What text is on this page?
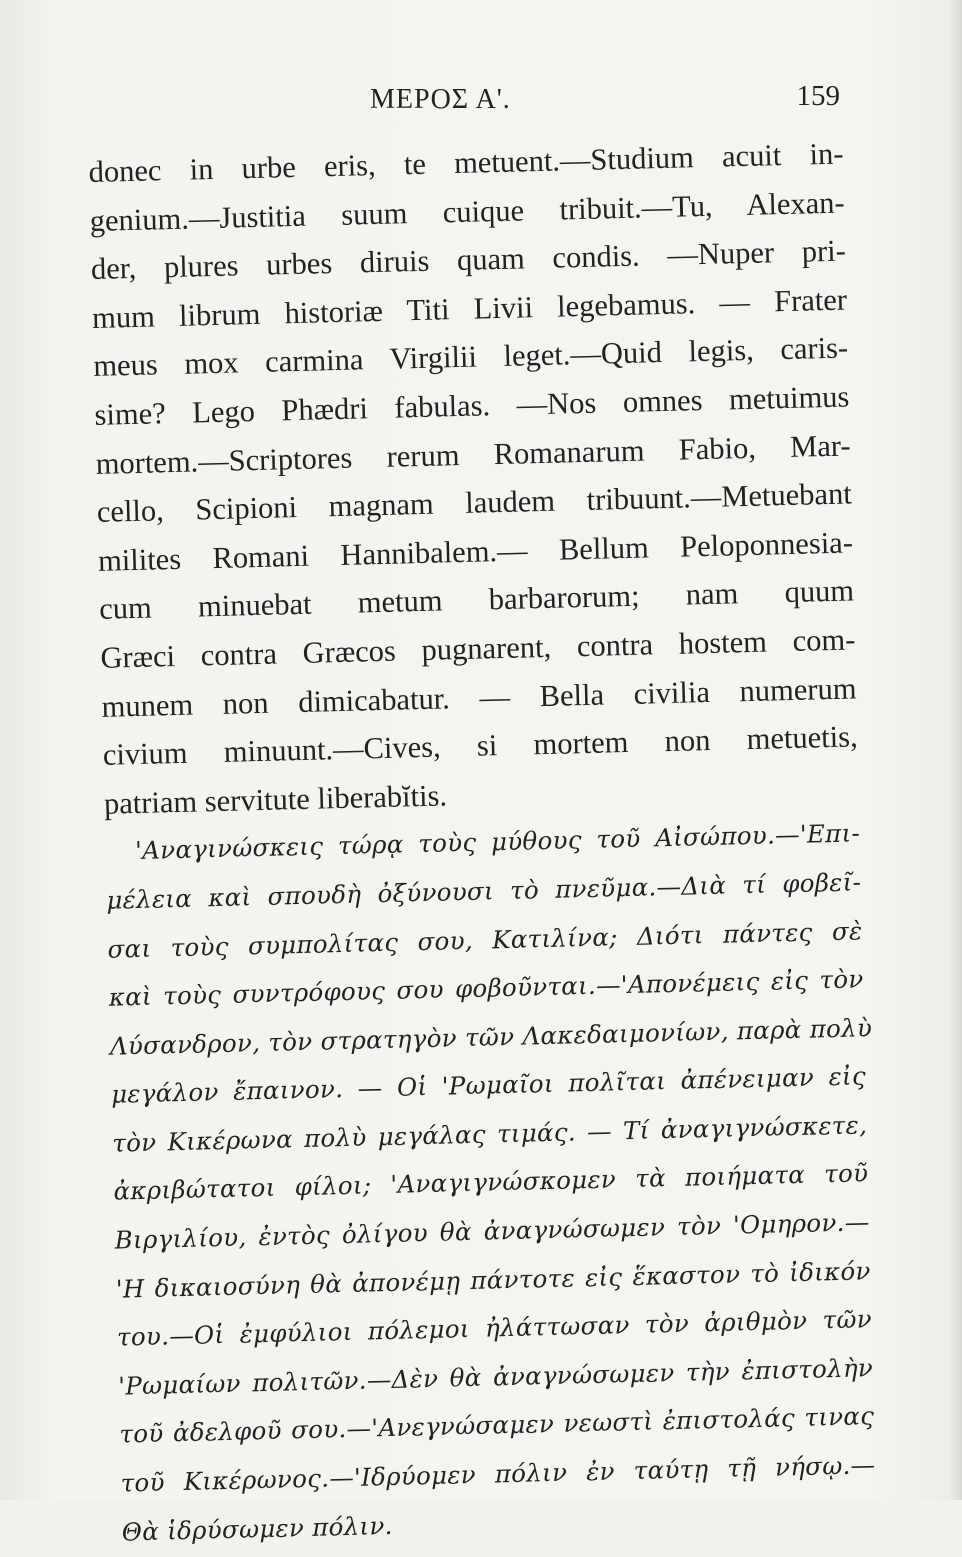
ΜΕΡΟΣ Α'.	159
donec in urbe eris, te metuent.—Studium acuit in-
genium.—Justitia suum cuique tribuit.—Tu, Alexan-
der, plures urbes diruis quam condis. —Nuper pri-
mum librum historiæ Titi Livii legebamus. — Frater
meus mox carmina Virgilii leget.—Quid legis, caris-
sime? Lego Phædri fabulas. —Nos omnes metuimus
mortem.—Scriptores rerum Romanarum Fabio, Mar-
cello, Scipioni magnam laudem tribuunt.—Metuebant
milites Romani Hannibalem.— Bellum Peloponnesia-
cum minuebat metum barbarorum; nam quum
Græci contra Græcos pugnarent, contra hostem com-
munem non dimicabatur. — Bella civilia numerum
civium minuunt.—Cives, si mortem non metuetis,
patriam servitute liberabĭtis.
'Αναγινώσκεις τώρᾳ τοὺς μύθους τοῦ Αἰσώπου.—'Επι-
μέλεια καὶ σπουδὴ ὀξύνουσι τὸ πνεῦμα.—Διὰ τί φοβεῖ-
σαι τοὺς συμπολίτας σου, Κατιλίνα; Διότι πάντες σὲ
καὶ τοὺς συντρόφους σου φοβοῦνται.—'Απονέμεις εἰς τὸν
Λύσανδρον, τὸν στρατηγὸν τῶν Λακεδαιμονίων, παρὰ πολὺ
μεγάλον ἔπαινον. — Οἱ 'Ρωμαῖοι πολῖται ἀπένειμαν εἰς
τὸν Κικέρωνα πολὺ μεγάλας τιμάς. — Τί ἀναγιγνώσκετε,
ἀκριβώτατοι φίλοι; 'Αναγιγνώσκομεν τὰ ποιήματα τοῦ
Βιργιλίου, ἐντὸς ὀλίγου θὰ ἀναγνώσωμεν τὸν 'Ομηρον.—
'Η δικαιοσύνη θὰ ἀπονέμῃ πάντοτε εἰς ἕκαστον τὸ ἰδικόν
του.—Οἱ ἐμφύλιοι πόλεμοι ἠλάττωσαν τὸν ἀριθμὸν τῶν
'Ρωμαίων πολιτῶν.—Δὲν θὰ ἀναγνώσωμεν τὴν ἐπιστολὴν
τοῦ ἀδελφοῦ σου.—'Ανεγνώσαμεν νεωστὶ ἐπιστολάς τινας
τοῦ Κικέρωνος.—'Ιδρύομεν πόλιν ἐν ταύτῃ τῇ νήσῳ.—
Θὰ ἱδρύσωμεν πόλιν.
